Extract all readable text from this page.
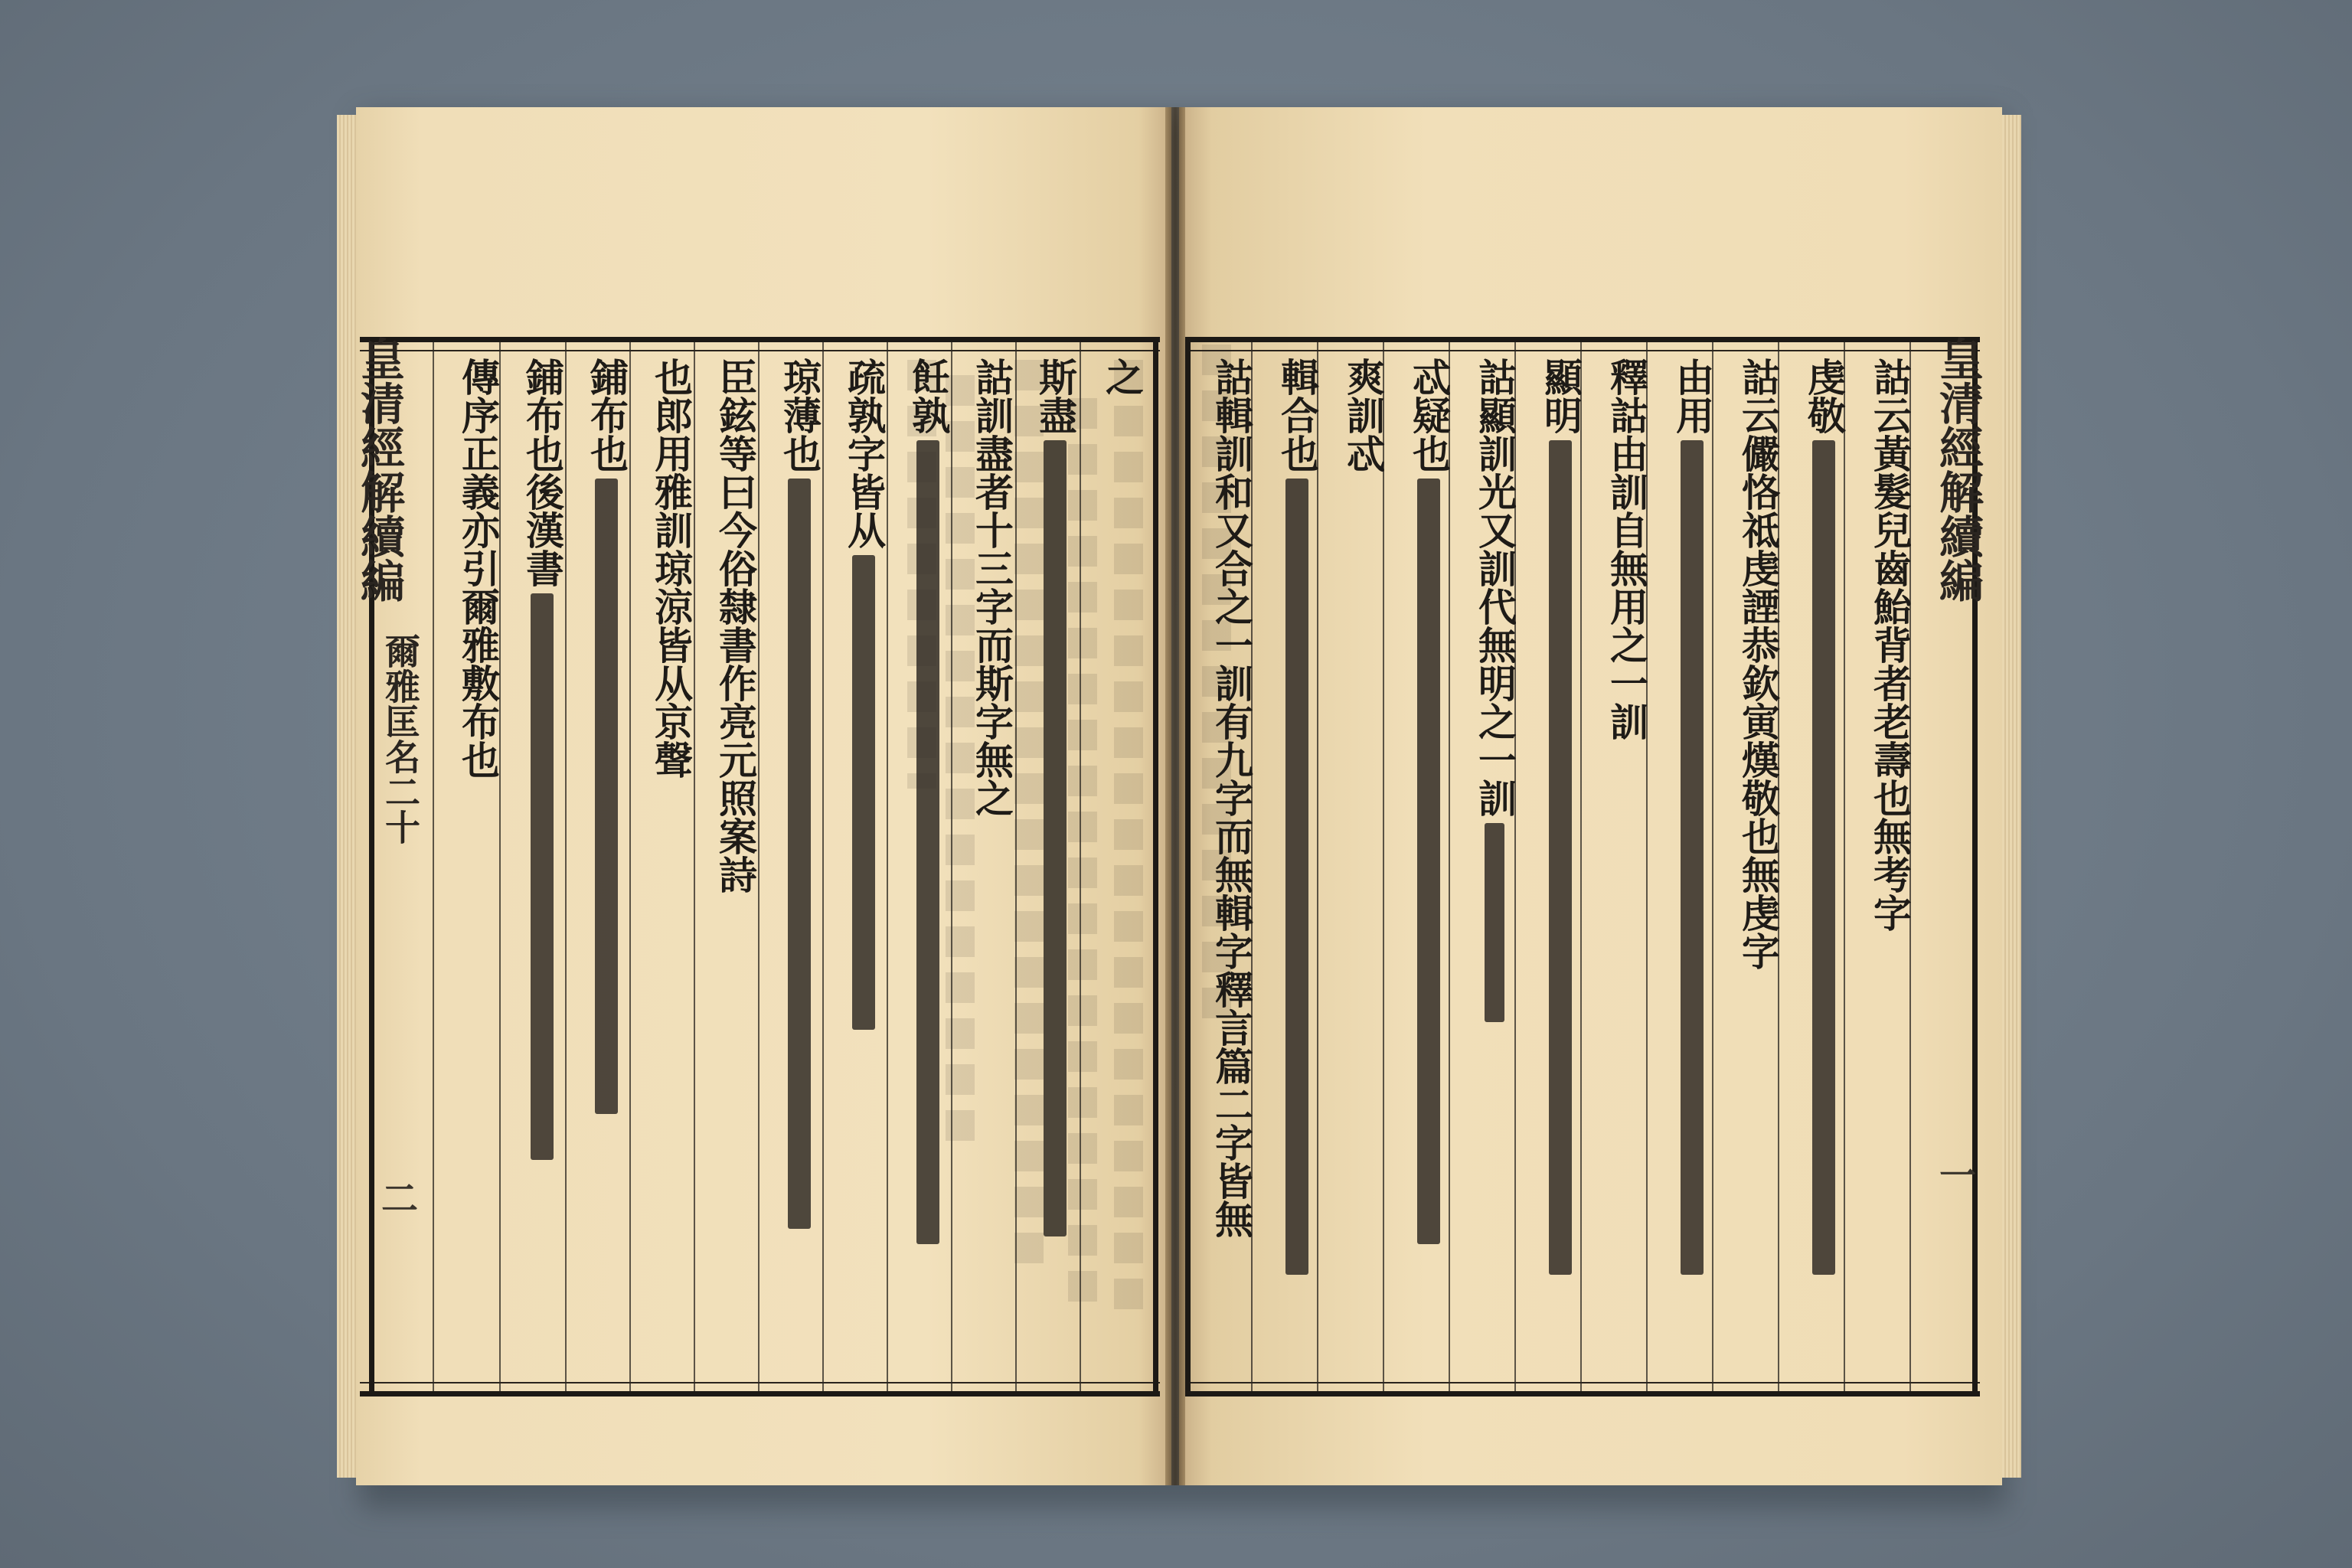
皇清經解續編
爾雅匡名二十
二
之
斯盡
詁訓盡者十三字而斯字無之
飪孰
疏孰字皆从
琼薄也
臣鉉等曰今俗隸書作亮元照案詩
也郎用雅訓琼涼皆从京聲
鋪布也
鋪布也後漢書
傳序正義亦引爾雅敷布也	皇清經解續編
一
詁云黃髮兒齒鮐背者老壽也無考字
虔敬
詁云儼恪祗虔諲恭欽寅熯敬也無虔字
由用
釋詁由訓自無用之一訓
顯明
詁顯訓光又訓代無明之一訓
忒疑也
爽訓忒
輯合也
詁輯訓和又合之一訓有九字而無輯字釋言篇二字皆無
